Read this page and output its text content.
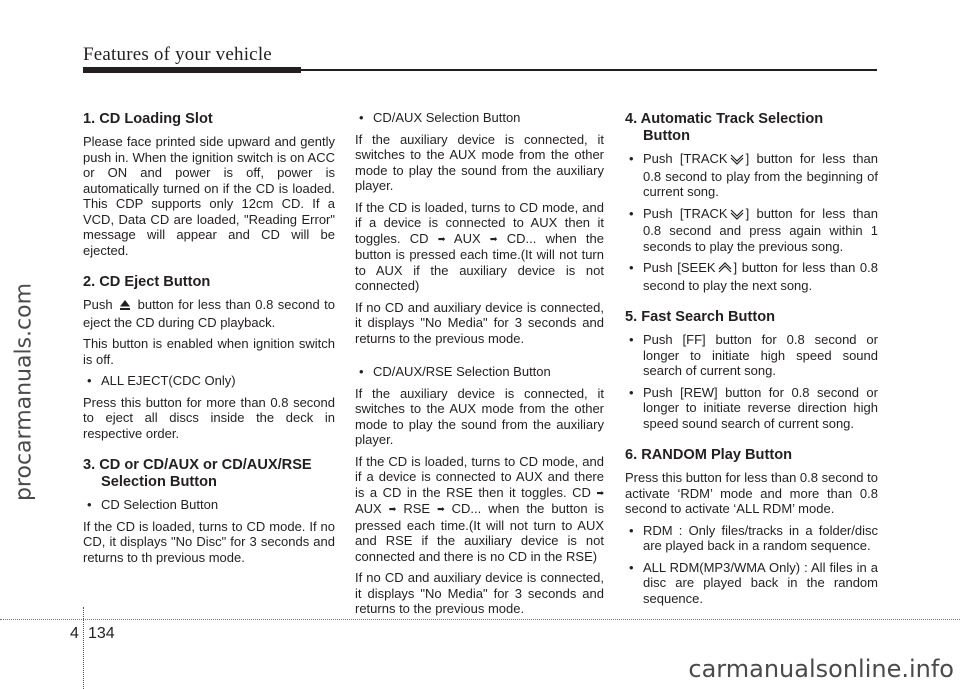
Features of your vehicle
procarmanuals.com
1. CD Loading Slot

Please face printed side upward and gently push in. When the ignition switch is on ACC or ON and power is off, power is automatically turned on if the CD is loaded. This CDP supports only 12cm CD. If a VCD, Data CD are loaded, "Reading Error" message will appear and CD will be ejected.

2. CD Eject Button

Push button for less than 0.8 second to eject the CD during CD playback.

This button is enabled when ignition switch is off.

• ALL EJECT(CDC Only)

Press this button for more than 0.8 second to eject all discs inside the deck in respective order.

3. CD or CD/AUX or CD/AUX/RSE
Selection Button
• CD Selection Button

If the CD is loaded, turns to CD mode. If no CD, it displays "No Disc" for 3 seconds and returns to th previous mode.

• CD/AUX Selection Button

If the auxiliary device is connected, it switches to the AUX mode from the other mode to play the sound from the auxiliary player.

If the CD is loaded, turns to CD mode, and if a device is connected to AUX then it toggles. CD ➡ AUX ➡ CD... when the button is pressed each time.(It will not turn to AUX if the auxiliary device is not connected)

If no CD and auxiliary device is connected, it displays "No Media" for 3 seconds and returns to the previous mode.

• CD/AUX/RSE Selection Button

If the auxiliary device is connected, it switches to the AUX mode from the other mode to play the sound from the auxiliary player.

If the CD is loaded, turns to CD mode, and if a device is connected to AUX and there is a CD in the RSE then it toggles. CD ➡ AUX ➡ RSE ➡ CD... when the button is pressed each time.(It will not turn to AUX and RSE if the auxiliary device is not connected and there is no CD in the RSE)

If no CD and auxiliary device is connected, it displays "No Media" for 3 seconds and returns to the previous mode.

4. Automatic Track Selection
Button
• Push [TRACK ] button for less than 0.8 second to play from the beginning of current song.
• Push [TRACK ] button for less than 0.8 second and press again within 1 seconds to play the previous song.
• Push [SEEK ] button for less than 0.8 second to play the next song.
5. Fast Search Button
• Push [FF] button for 0.8 second or longer to initiate high speed sound search of current song.
• Push [REW] button for 0.8 second or longer to initiate reverse direction high speed sound search of current song.
6. RANDOM Play Button

Press this button for less than 0.8 second to activate ‘RDM’ mode and more than 0.8 second to activate ‘ALL RDM’ mode.

• RDM : Only files/tracks in a folder/disc are played back in a random sequence.
• ALL RDM(MP3/WMA Only) : All files in a disc are played back in the random sequence.
4 134
carmanualsonline.info
